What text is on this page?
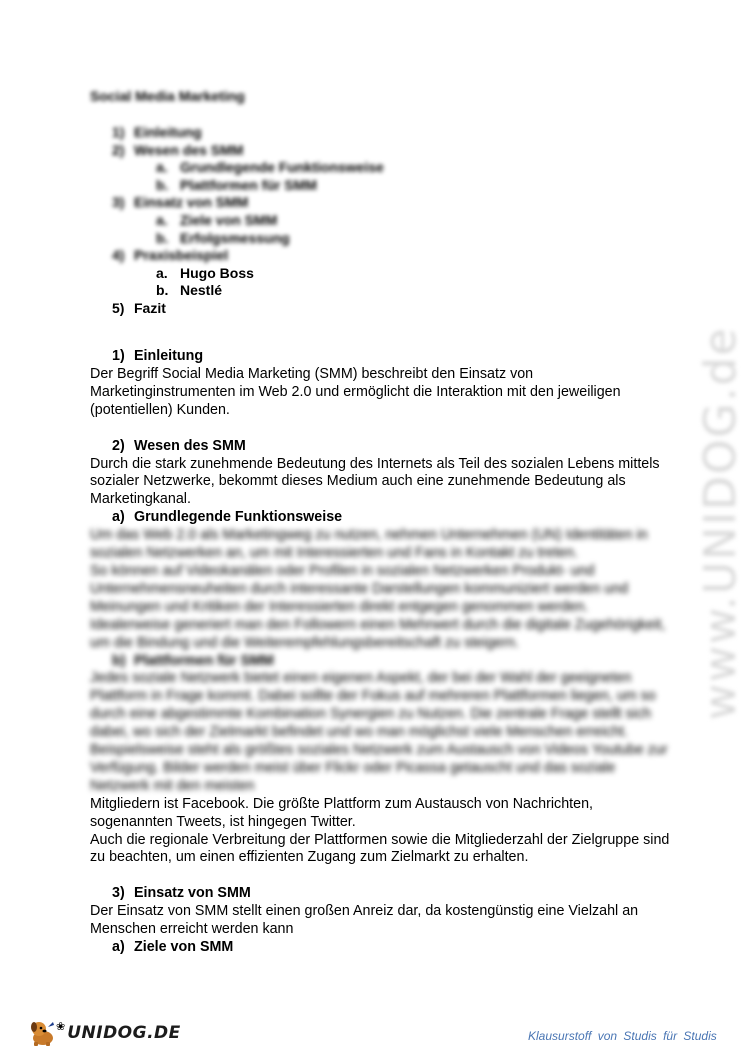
Social Media Marketing
1) Einleitung
2) Wesen des SMM
a. Grundlegende Funktionsweise
b. Plattformen für SMM
3) Einsatz von SMM
a. Ziele von SMM
b. Erfolgsmessung
4) Praxisbeispiel
a. Hugo Boss
b. Nestlé
5) Fazit
1) Einleitung

Der Begriff Social Media Marketing (SMM) beschreibt den Einsatz von Marketinginstrumenten im Web 2.0 und ermöglicht die Interaktion mit den jeweiligen (potentiellen) Kunden.

2) Wesen des SMM

Durch die stark zunehmende Bedeutung des Internets als Teil des sozialen Lebens mittels sozialer Netzwerke, bekommt dieses Medium auch eine zunehmende Bedeutung als Marketingkanal.

a) Grundlegende Funktionsweise

Um das Web 2.0 als Marketingweg zu nutzen, nehmen Unternehmen (UN) Identitäten in sozialen Netzwerken an, um mit Interessierten und Fans in Kontakt zu treten.

So können auf Videokanälen oder Profilen in sozialen Netzwerken Produkt- und Unternehmensneuheiten durch interessante Darstellungen kommuniziert werden und Meinungen und Kritiken der Interessierten direkt entgegen genommen werden. Idealerweise generiert man den Followern einen Mehrwert durch die digitale Zugehörigkeit, um die Bindung und die Weiterempfehlungsbereitschaft zu steigern.

b) Plattformen für SMM

Jedes soziale Netzwerk bietet einen eigenen Aspekt, der bei der Wahl der geeigneten Plattform in Frage kommt. Dabei sollte der Fokus auf mehreren Plattformen liegen, um so durch eine abgestimmte Kombination Synergien zu Nutzen. Die zentrale Frage stellt sich dabei, wo sich der Zielmarkt befindet und wo man möglichst viele Menschen erreicht. Beispielsweise steht als größtes soziales Netzwerk zum Austausch von Videos Youtube zur Verfügung. Bilder werden meist über Flickr oder Picassa getauscht und das soziale Netzwerk mit den meisten

Mitgliedern ist Facebook. Die größte Plattform zum Austausch von Nachrichten, sogenannten Tweets, ist hingegen Twitter.

Auch die regionale Verbreitung der Plattformen sowie die Mitgliederzahl der Zielgruppe sind zu beachten, um einen effizienten Zugang zum Zielmarkt zu erhalten.

3) Einsatz von SMM

Der Einsatz von SMM stellt einen großen Anreiz dar, da kostengünstig eine Vielzahl an Menschen erreicht werden kann

a) Ziele von SMM
www.UNIDOG.de
❀ UNIDOG.DE	Klausurstoff von Studis für Studis
